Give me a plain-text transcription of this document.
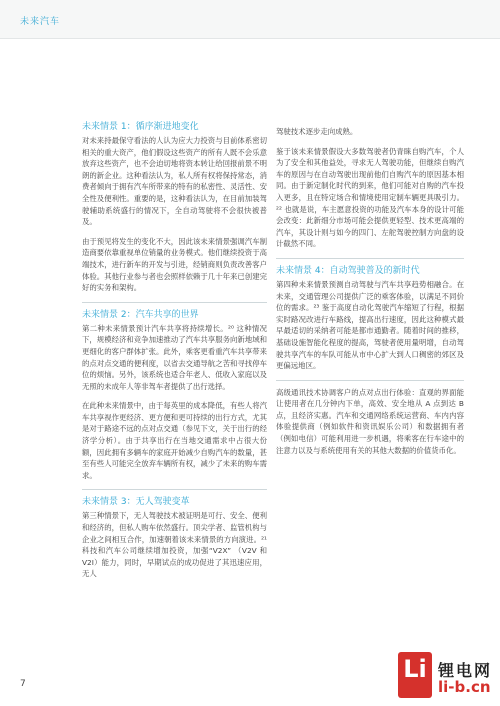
未来汽车
未来情景 1：循序渐进地变化
对未来持最保守看法的人认为应大力投资与目前体系密切相关的重大资产，他们假设这些资产的所有人既不会乐意放弃这些资产，也不会迫切地将资本转让给回报前景不明朗的新企业。这种看法认为，私人所有权将保持常态，消费者倾向于拥有汽车所带来的特有的私密性、灵活性、安全性及便利性。重要的是，这种看法认为，在目前加装驾驶辅助系统盛行的情况下，全自动驾驶将不会很快被普及。
由于预见将发生的变化不大，因此该未来情景强调汽车制造商要依靠重视单位销量的业务模式。他们继续投资于高端技术，进行新车的开发与引进，经销商则负责改善客户体验。其他行业参与者也会照样依赖于几十年来已创建完好的实务和架构。
未来情景 2：汽车共享的世界
第二种未来情景预计汽车共享将持续增长。²⁰ 这种情况下，规模经济和竞争加速推动了汽车共享服务向新地域和更细化的客户群体扩张。此外，乘客更看重汽车共享带来的点对点交通的便利度，以省去交通导航之苦和寻找停车位的烦恼。另外，该系统也适合年老人、低收入家庭以及无照的未成年人等非驾车者提供了出行选择。
在此种未来情景中，由于每英里的成本降低，有些人将汽车共享视作更经济、更方便和更可持续的出行方式，尤其是对于路途不远的点对点交通（参见下文，关于出行的经济学分析）。由于共享出行在当地交通需求中占很大份额，因此拥有多辆车的家庭开始减少自购汽车的数量，甚至有些人可能完全放弃车辆所有权，减少了未来的购车需求。
未来情景 3：无人驾驶变革
第三种情景下，无人驾驶技术被证明是可行、安全、便利和经济的，但私人购车依然盛行。顶尖学者、监管机构与企业之间相互合作，加速朝着该未来情景的方向演进。²¹ 科技和汽车公司继续增加投资，加强“V2X” （V2V 和 V2I）能力，同时，早期试点的成功促进了其迅速应用，无人
驾驶技术逐步走向成熟。
鉴于该未来情景假设大多数驾驶者仍青睐自购汽车，个人为了安全和其他益处，寻求无人驾驶功能，但继续自购汽车的原因与在自动驾驶出现前他们自购汽车的原因基本相同。由于新定制化时代的到来，他们可能对自购的汽车投入更多，且在特定场合和情境使用定制车辆更具吸引力。²² 也就是说，车主愿意投资的功能及汽车本身的设计可能会改变：此新细分市场可能会提供更轻型、技术更高端的汽车，其设计则与如今的四门、左舵驾驶控制方向盘的设计截然不同。
未来情景 4：自动驾驶普及的新时代
第四种未来情景预测自动驾驶与汽车共享趋势相融合。在未来，交通管理公司提供广泛的乘客体验，以满足不同价位的需求。²³ 鉴于高度自动化驾驶汽车缩短了行程，根据实时路况改进行车路线，提高出行速度，因此这种模式最早最适切的采纳者可能是都市通勤者。随着时间的推移，基础设施智能化程度的提高，驾驶者使用量明增，自动驾驶共享汽车的车队可能从市中心扩大到人口稠密的郊区及更偏远地区。
高级通讯技术协调客户的点对点出行体验：直观的界面能让使用者在几分钟内下单，高效、安全地从 A 点到达 B 点，且经济实惠。汽车和交通网络系统运营商、车内内容体验提供商（例如软件和资讯娱乐公司）和数据拥有者（例如电信）可能利用进一步机遇，将乘客在行车途中的注意力以及与系统使用有关的其他大数据的价值货币化。
7
Li 锂电网
li-b.cn
